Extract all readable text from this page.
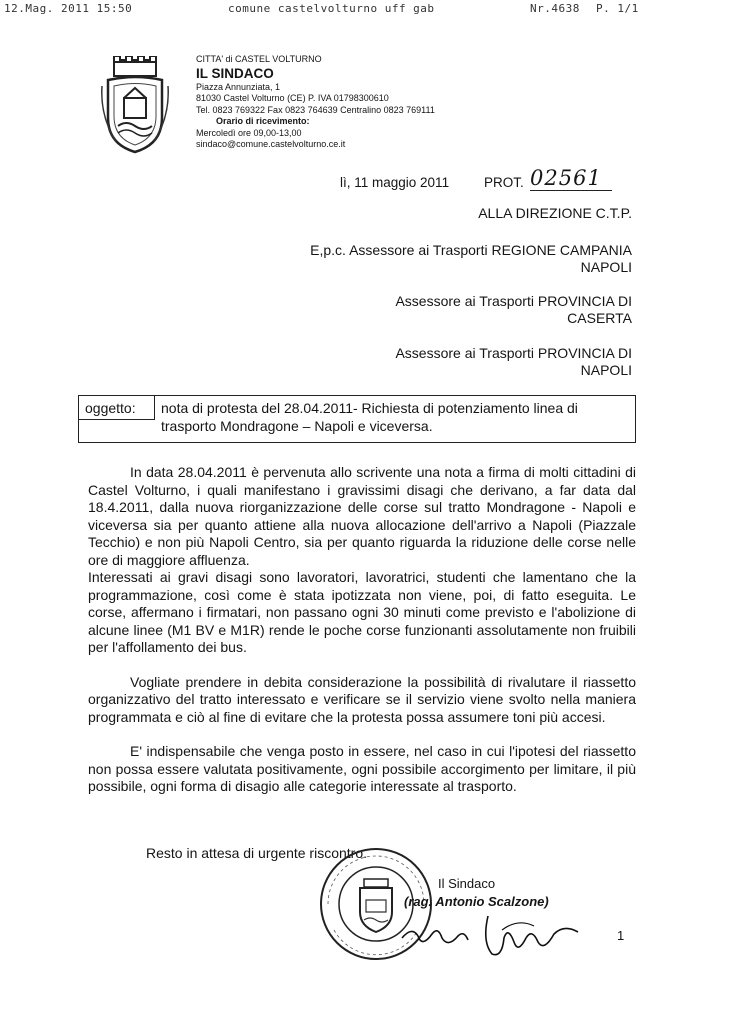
12.Mag. 2011 15:50	comune castelvolturno uff gab	Nr.4638 P. 1/1
CITTA' di CASTEL VOLTURNO
IL SINDACO
Piazza Annunziata, 1
81030 Castel Volturno (CE) P. IVA 01798300610
Tel. 0823 769322 Fax 0823 764639 Centralino 0823 769111
Orario di ricevimento:
Mercoledì ore 09,00-13,00
sindaco@comune.castelvolturno.ce.it
lì, 11 maggio 2011	PROT. 02561
ALLA DIREZIONE C.T.P.
E,p.c. Assessore ai Trasporti REGIONE CAMPANIA
NAPOLI
Assessore ai Trasporti PROVINCIA DI
CASERTA
Assessore ai Trasporti PROVINCIA DI
NAPOLI
oggetto:	nota di protesta del 28.04.2011- Richiesta di potenziamento linea di trasporto Mondragone – Napoli e viceversa.

In data 28.04.2011 è pervenuta allo scrivente una nota a firma di molti cittadini di Castel Volturno, i quali manifestano i gravissimi disagi che derivano, a far data dal 18.4.2011, dalla nuova riorganizzazione delle corse sul tratto Mondragone - Napoli e viceversa sia per quanto attiene alla nuova allocazione dell'arrivo a Napoli (Piazzale Tecchio) e non più Napoli Centro, sia per quanto riguarda la riduzione delle corse nelle ore di maggiore affluenza.

Interessati ai gravi disagi sono lavoratori, lavoratrici, studenti che lamentano che la programmazione, così come è stata ipotizzata non viene, poi, di fatto eseguita. Le corse, affermano i firmatari, non passano ogni 30 minuti come previsto e l'abolizione di alcune linee (M1 BV e M1R) rende le poche corse funzionanti assolutamente non fruibili per l'affollamento dei bus.

Vogliate prendere in debita considerazione la possibilità di rivalutare il riassetto organizzativo del tratto interessato e verificare se il servizio viene svolto nella maniera programmata e ciò al fine di evitare che la protesta possa assumere toni più accesi.

E' indispensabile che venga posto in essere, nel caso in cui l'ipotesi del riassetto non possa essere valutata positivamente, ogni possibile accorgimento per limitare, il più possibile, ogni forma di disagio alle categorie interessate al trasporto.

Resto in attesa di urgente riscontro.
Il Sindaco
(rag. Antonio Scalzone)
1
